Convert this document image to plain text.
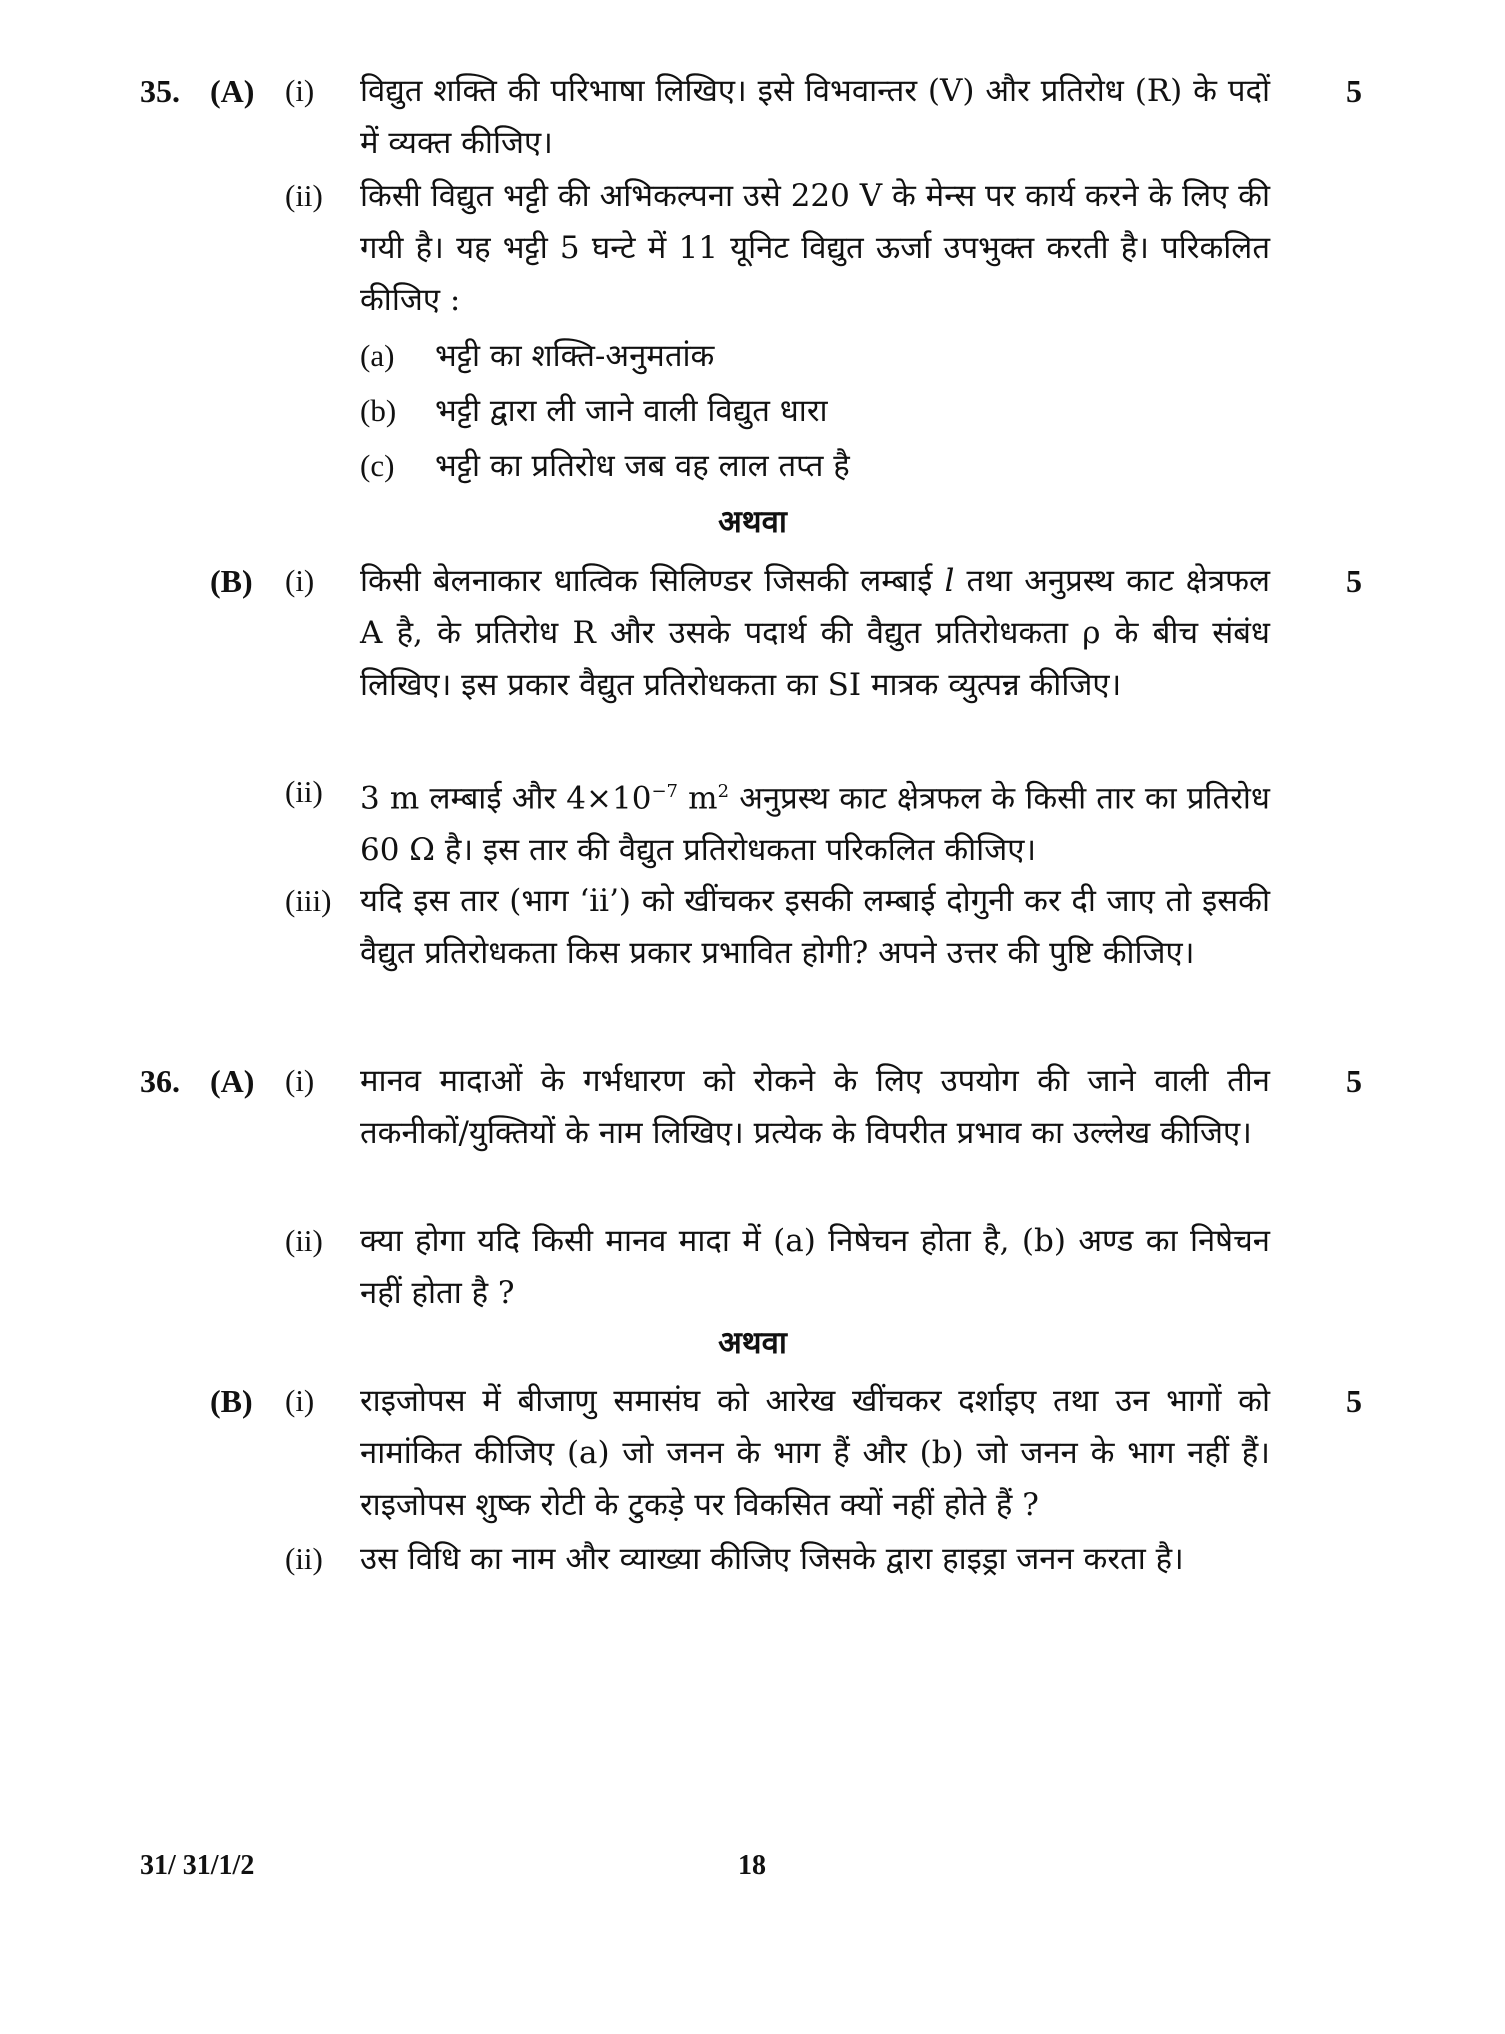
35. (A) (i) विद्युत शक्ति की परिभाषा लिखिए। इसे विभवान्तर (V) और प्रतिरोध (R) के पदों में व्यक्त कीजिए।
5
(ii) किसी विद्युत भट्टी की अभिकल्पना उसे 220 V के मेन्स पर कार्य करने के लिए की गयी है। यह भट्टी 5 घन्टे में 11 यूनिट विद्युत ऊर्जा उपभुक्त करती है। परिकलित कीजिए :
(a) भट्टी का शक्ति-अनुमतांक
(b) भट्टी द्वारा ली जाने वाली विद्युत धारा
(c) भट्टी का प्रतिरोध जब वह लाल तप्त है
अथवा
(B) (i) किसी बेलनाकार धात्विक सिलिण्डर जिसकी लम्बाई l तथा अनुप्रस्थ काट क्षेत्रफल A है, के प्रतिरोध R और उसके पदार्थ की वैद्युत प्रतिरोधकता ρ के बीच संबंध लिखिए। इस प्रकार वैद्युत प्रतिरोधकता का SI मात्रक व्युत्पन्न कीजिए।
5
(ii) 3 m लम्बाई और $4\times 10^{-7}$ $m^2$ अनुप्रस्थ काट क्षेत्रफल के किसी तार का प्रतिरोध 60 Ω है। इस तार की वैद्युत प्रतिरोधकता परिकलित कीजिए।
(iii) यदि इस तार (भाग ‘ii’) को खींचकर इसकी लम्बाई दोगुनी कर दी जाए तो इसकी वैद्युत प्रतिरोधकता किस प्रकार प्रभावित होगी? अपने उत्तर की पुष्टि कीजिए।
36. (A) (i) मानव मादाओं के गर्भधारण को रोकने के लिए उपयोग की जाने वाली तीन तकनीकों/युक्तियों के नाम लिखिए। प्रत्येक के विपरीत प्रभाव का उल्लेख कीजिए।
5
(ii) क्या होगा यदि किसी मानव मादा में (a) निषेचन होता है, (b) अण्ड का निषेचन नहीं होता है ?
अथवा
(B) (i) राइजोपस में बीजाणु समासंघ को आरेख खींचकर दर्शाइए तथा उन भागों को नामांकित कीजिए (a) जो जनन के भाग हैं और (b) जो जनन के भाग नहीं हैं। राइजोपस शुष्क रोटी के टुकड़े पर विकसित क्यों नहीं होते हैं ?
5
(ii) उस विधि का नाम और व्याख्या कीजिए जिसके द्वारा हाइड्रा जनन करता है।
31/ 31/1/2	18
